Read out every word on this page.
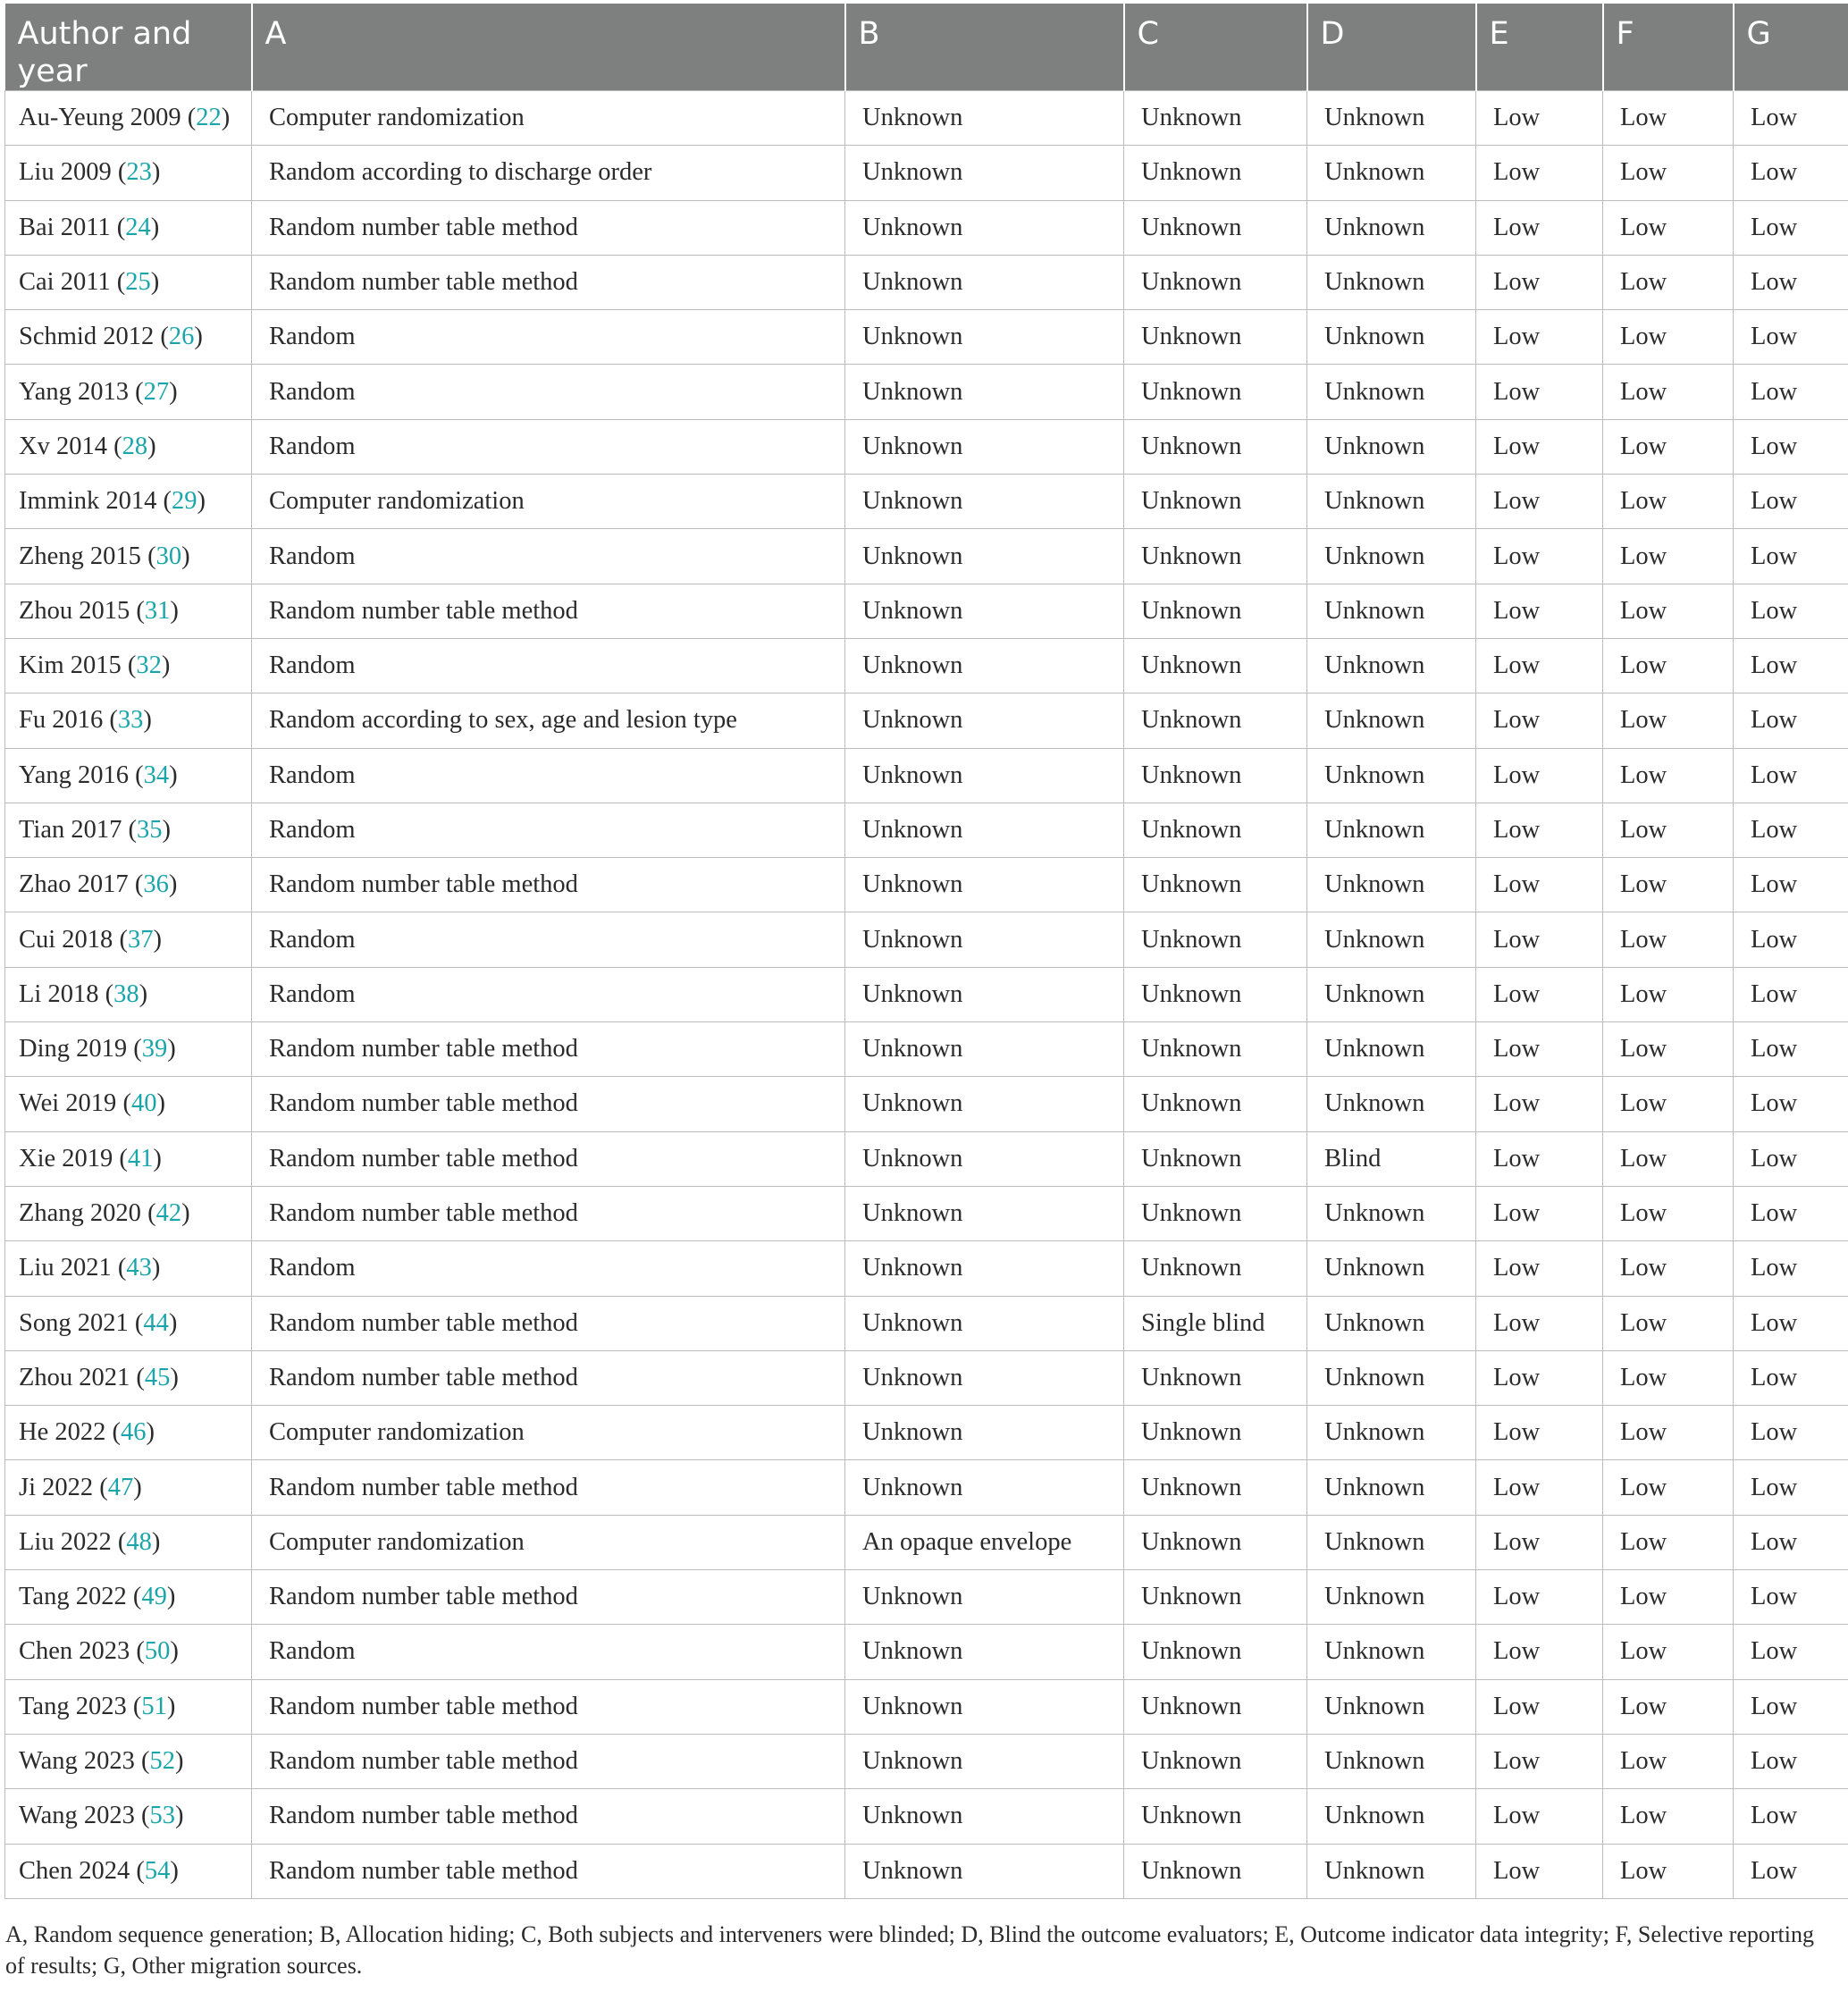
Author and year	A	B	C	D	E	F	G
Au-Yeung 2009 (22)	Computer randomization	Unknown	Unknown	Unknown	Low	Low	Low
Liu 2009 (23)	Random according to discharge order	Unknown	Unknown	Unknown	Low	Low	Low
Bai 2011 (24)	Random number table method	Unknown	Unknown	Unknown	Low	Low	Low
Cai 2011 (25)	Random number table method	Unknown	Unknown	Unknown	Low	Low	Low
Schmid 2012 (26)	Random	Unknown	Unknown	Unknown	Low	Low	Low
Yang 2013 (27)	Random	Unknown	Unknown	Unknown	Low	Low	Low
Xv 2014 (28)	Random	Unknown	Unknown	Unknown	Low	Low	Low
Immink 2014 (29)	Computer randomization	Unknown	Unknown	Unknown	Low	Low	Low
Zheng 2015 (30)	Random	Unknown	Unknown	Unknown	Low	Low	Low
Zhou 2015 (31)	Random number table method	Unknown	Unknown	Unknown	Low	Low	Low
Kim 2015 (32)	Random	Unknown	Unknown	Unknown	Low	Low	Low
Fu 2016 (33)	Random according to sex, age and lesion type	Unknown	Unknown	Unknown	Low	Low	Low
Yang 2016 (34)	Random	Unknown	Unknown	Unknown	Low	Low	Low
Tian 2017 (35)	Random	Unknown	Unknown	Unknown	Low	Low	Low
Zhao 2017 (36)	Random number table method	Unknown	Unknown	Unknown	Low	Low	Low
Cui 2018 (37)	Random	Unknown	Unknown	Unknown	Low	Low	Low
Li 2018 (38)	Random	Unknown	Unknown	Unknown	Low	Low	Low
Ding 2019 (39)	Random number table method	Unknown	Unknown	Unknown	Low	Low	Low
Wei 2019 (40)	Random number table method	Unknown	Unknown	Unknown	Low	Low	Low
Xie 2019 (41)	Random number table method	Unknown	Unknown	Blind	Low	Low	Low
Zhang 2020 (42)	Random number table method	Unknown	Unknown	Unknown	Low	Low	Low
Liu 2021 (43)	Random	Unknown	Unknown	Unknown	Low	Low	Low
Song 2021 (44)	Random number table method	Unknown	Single blind	Unknown	Low	Low	Low
Zhou 2021 (45)	Random number table method	Unknown	Unknown	Unknown	Low	Low	Low
He 2022 (46)	Computer randomization	Unknown	Unknown	Unknown	Low	Low	Low
Ji 2022 (47)	Random number table method	Unknown	Unknown	Unknown	Low	Low	Low
Liu 2022 (48)	Computer randomization	An opaque envelope	Unknown	Unknown	Low	Low	Low
Tang 2022 (49)	Random number table method	Unknown	Unknown	Unknown	Low	Low	Low
Chen 2023 (50)	Random	Unknown	Unknown	Unknown	Low	Low	Low
Tang 2023 (51)	Random number table method	Unknown	Unknown	Unknown	Low	Low	Low
Wang 2023 (52)	Random number table method	Unknown	Unknown	Unknown	Low	Low	Low
Wang 2023 (53)	Random number table method	Unknown	Unknown	Unknown	Low	Low	Low
Chen 2024 (54)	Random number table method	Unknown	Unknown	Unknown	Low	Low	Low
A, Random sequence generation; B, Allocation hiding; C, Both subjects and interveners were blinded; D, Blind the outcome evaluators; E, Outcome indicator data integrity; F, Selective reporting of results; G, Other migration sources.
